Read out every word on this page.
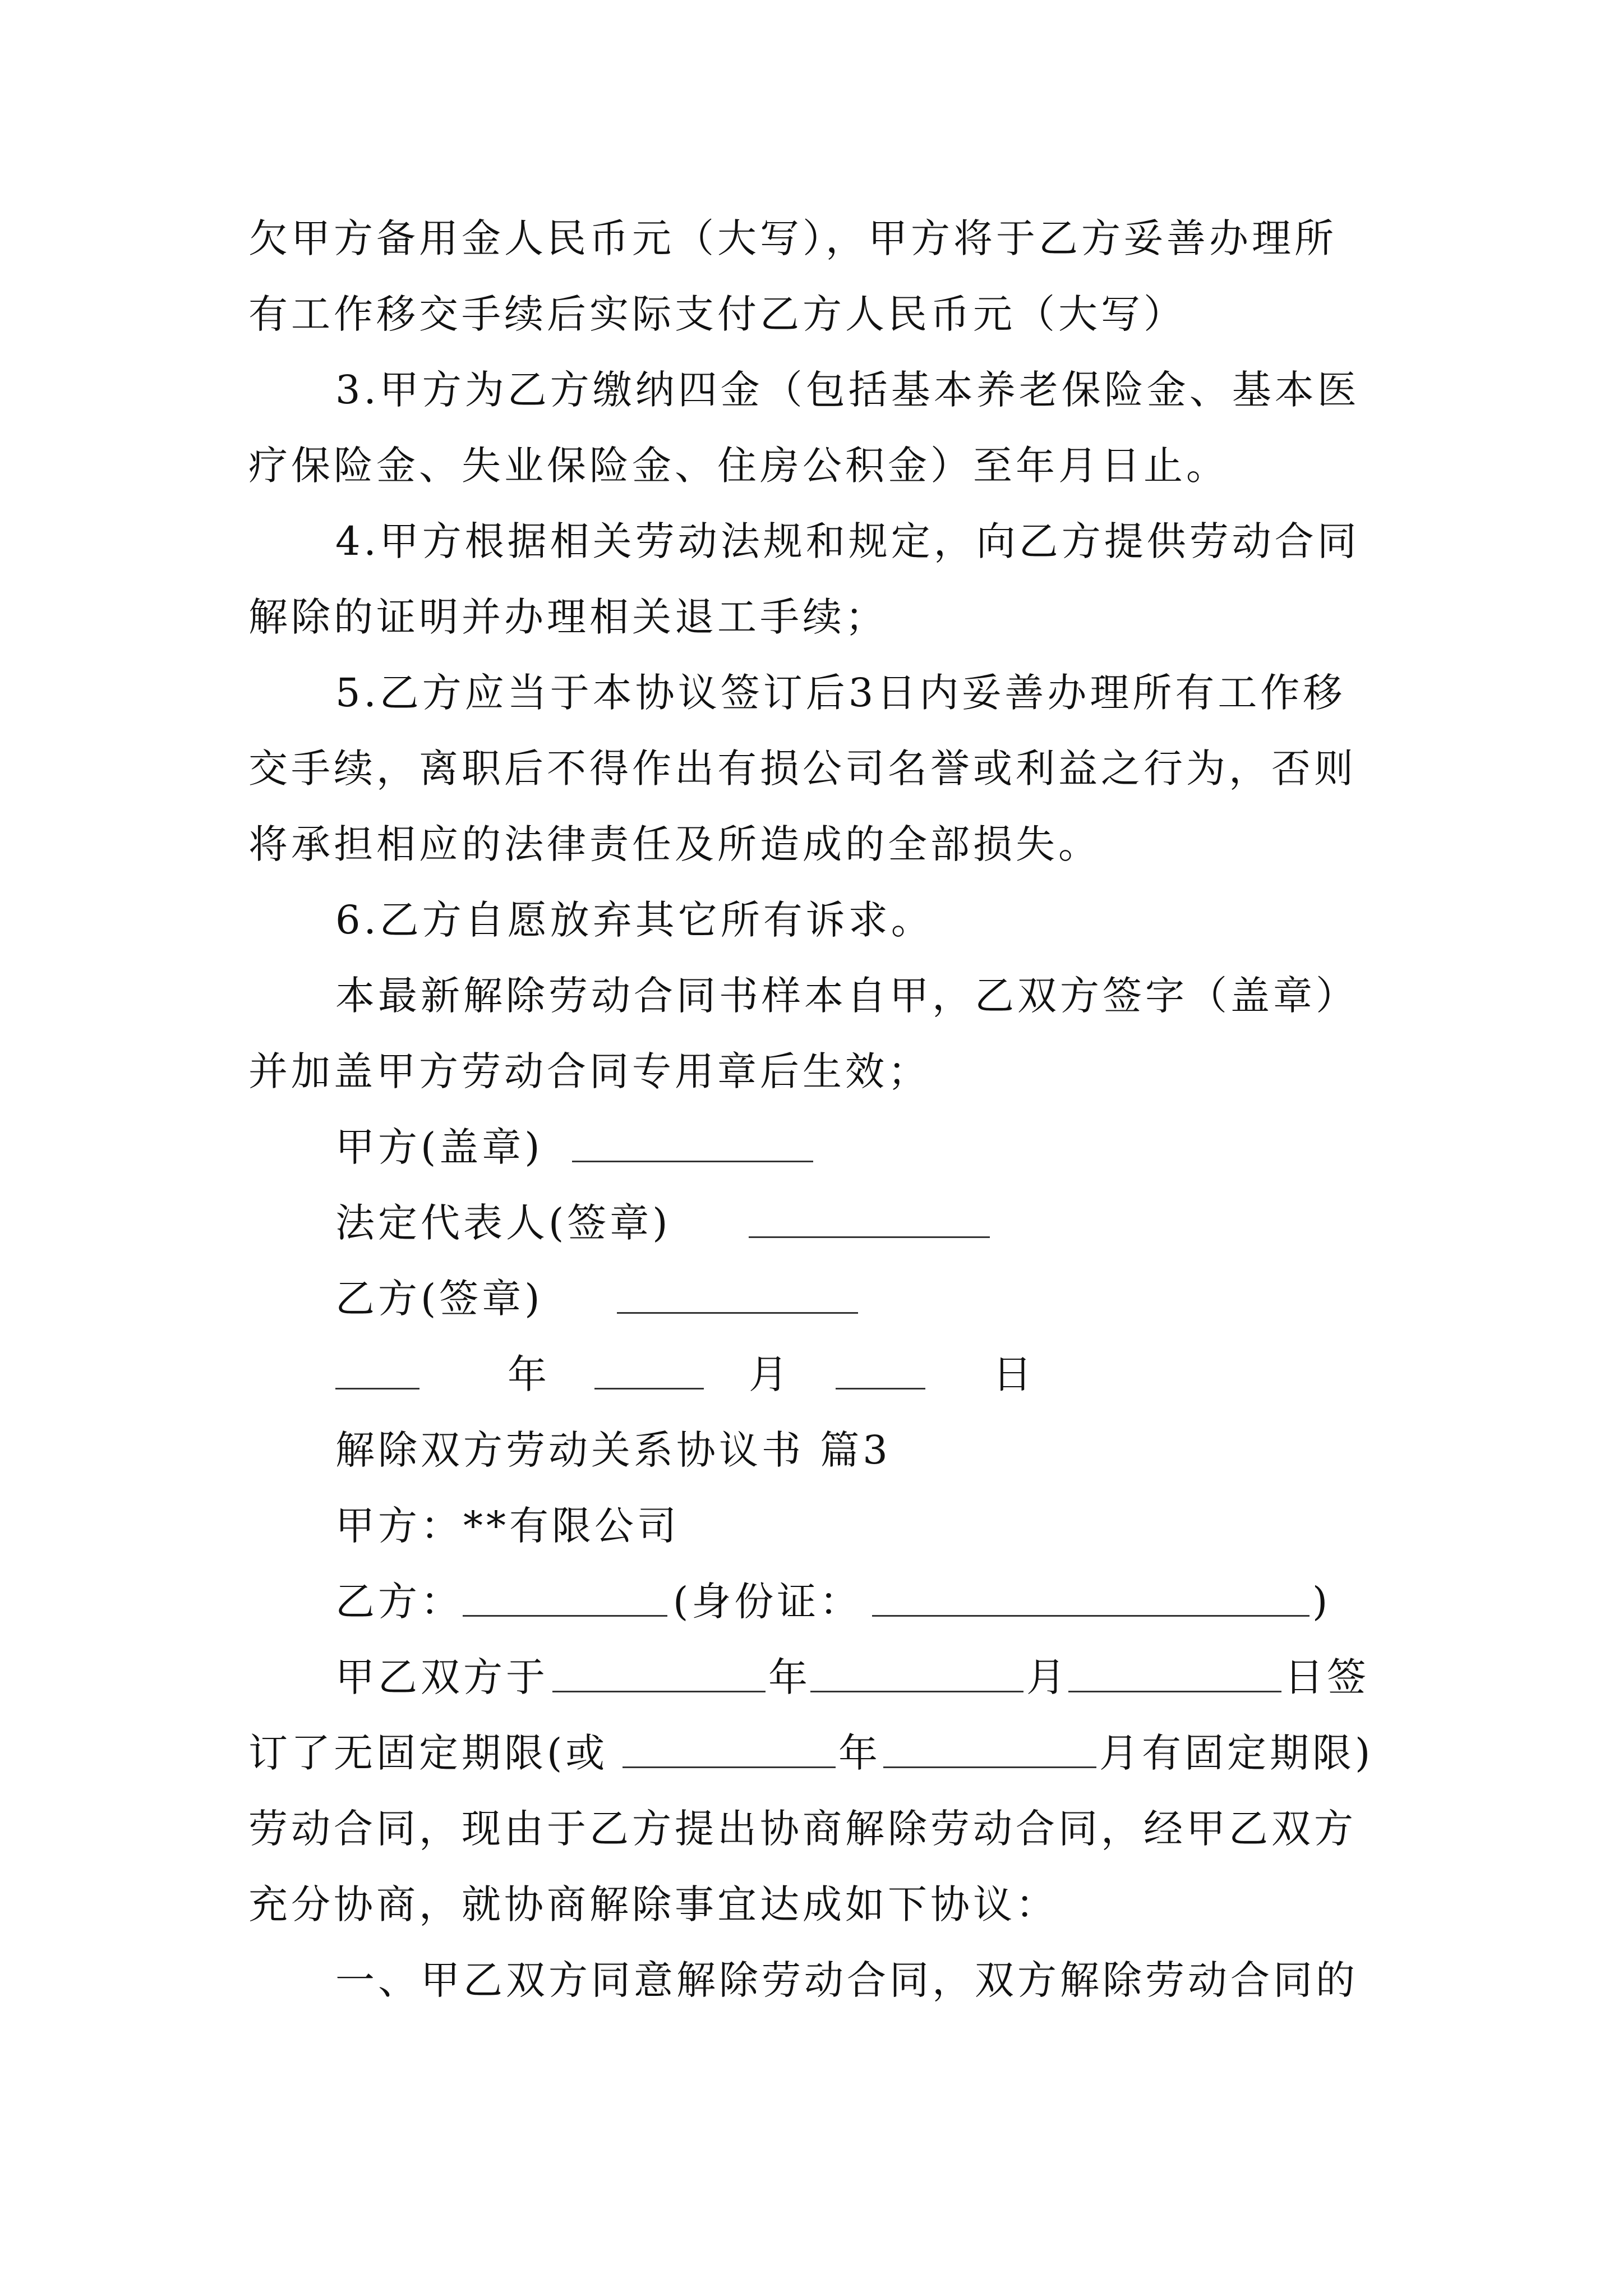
欠甲方备用金人民币元（大写），甲方将于乙方妥善办理所

有工作移交手续后实际支付乙方人民币元（大写）

3.甲方为乙方缴纳四金（包括基本养老保险金、基本医

疗保险金、失业保险金、住房公积金）至年月日止。

4.甲方根据相关劳动法规和规定，向乙方提供劳动合同

解除的证明并办理相关退工手续；

5.乙方应当于本协议签订后3日内妥善办理所有工作移

交手续，离职后不得作出有损公司名誉或利益之行为，否则

将承担相应的法律责任及所造成的全部损失。

6.乙方自愿放弃其它所有诉求。

本最新解除劳动合同书样本自甲，乙双方签字（盖章）

并加盖甲方劳动合同专用章后生效；

甲方(盖章)

法定代表人(签章)

乙方(签章)

年

	月

	日

解除双方劳动关系协议书 篇3

甲方：**有限公司

乙方：

	(身份证：

	)

甲乙双方于

	年

	月

	日签

订了无固定期限(或

	年

	月有固定期限)

劳动合同，现由于乙方提出协商解除劳动合同，经甲乙双方

充分协商，就协商解除事宜达成如下协议：

一、甲乙双方同意解除劳动合同，双方解除劳动合同的
